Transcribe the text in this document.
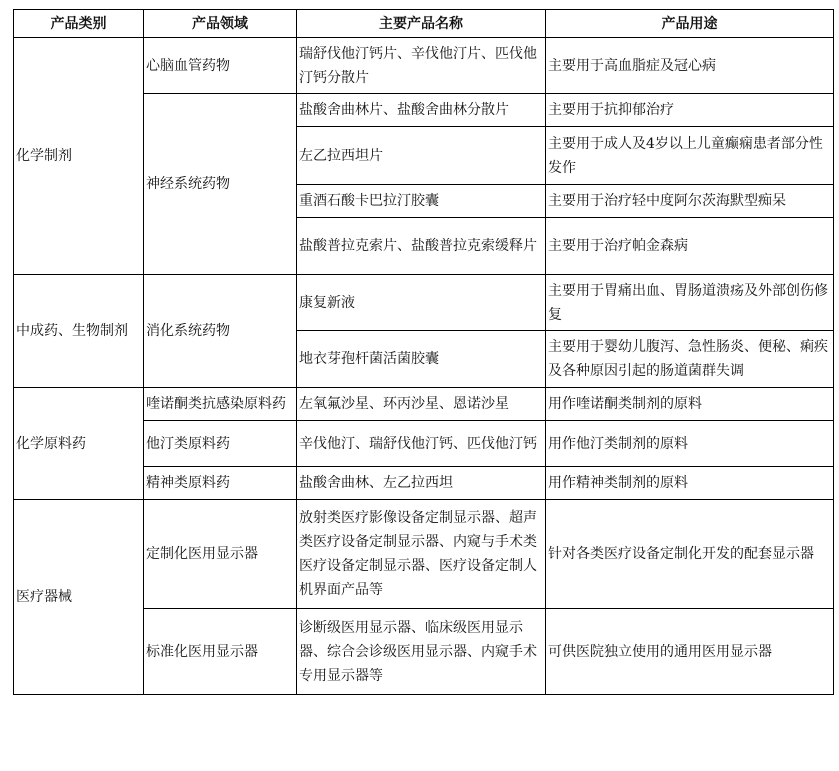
产品类别	产品领域	主要产品名称	产品用途
化学制剂	心脑血管药物	瑞舒伐他汀钙片、辛伐他汀片、匹伐他汀钙分散片	主要用于高血脂症及冠心病
	神经系统药物	盐酸舍曲林片、盐酸舍曲林分散片	主要用于抗抑郁治疗
		左乙拉西坦片	主要用于成人及4岁以上儿童癫痫患者部分性发作
		重酒石酸卡巴拉汀胶囊	主要用于治疗轻中度阿尔茨海默型痴呆
		盐酸普拉克索片、盐酸普拉克索缓释片	主要用于治疗帕金森病
中成药、生物制剂	消化系统药物	康复新液	主要用于胃痛出血、胃肠道溃疡及外部创伤修复
		地衣芽孢杆菌活菌胶囊	主要用于婴幼儿腹泻、急性肠炎、便秘、痢疾及各种原因引起的肠道菌群失调
化学原料药	喹诺酮类抗感染原料药	左氧氟沙星、环丙沙星、恩诺沙星	用作喹诺酮类制剂的原料
	他汀类原料药	辛伐他汀、瑞舒伐他汀钙、匹伐他汀钙	用作他汀类制剂的原料
	精神类原料药	盐酸舍曲林、左乙拉西坦	用作精神类制剂的原料
医疗器械	定制化医用显示器	放射类医疗影像设备定制显示器、超声类医疗设备定制显示器、内窥与手术类医疗设备定制显示器、医疗设备定制人机界面产品等	针对各类医疗设备定制化开发的配套显示器
	标准化医用显示器	诊断级医用显示器、临床级医用显示器、综合会诊级医用显示器、内窥手术专用显示器等	可供医院独立使用的通用医用显示器
